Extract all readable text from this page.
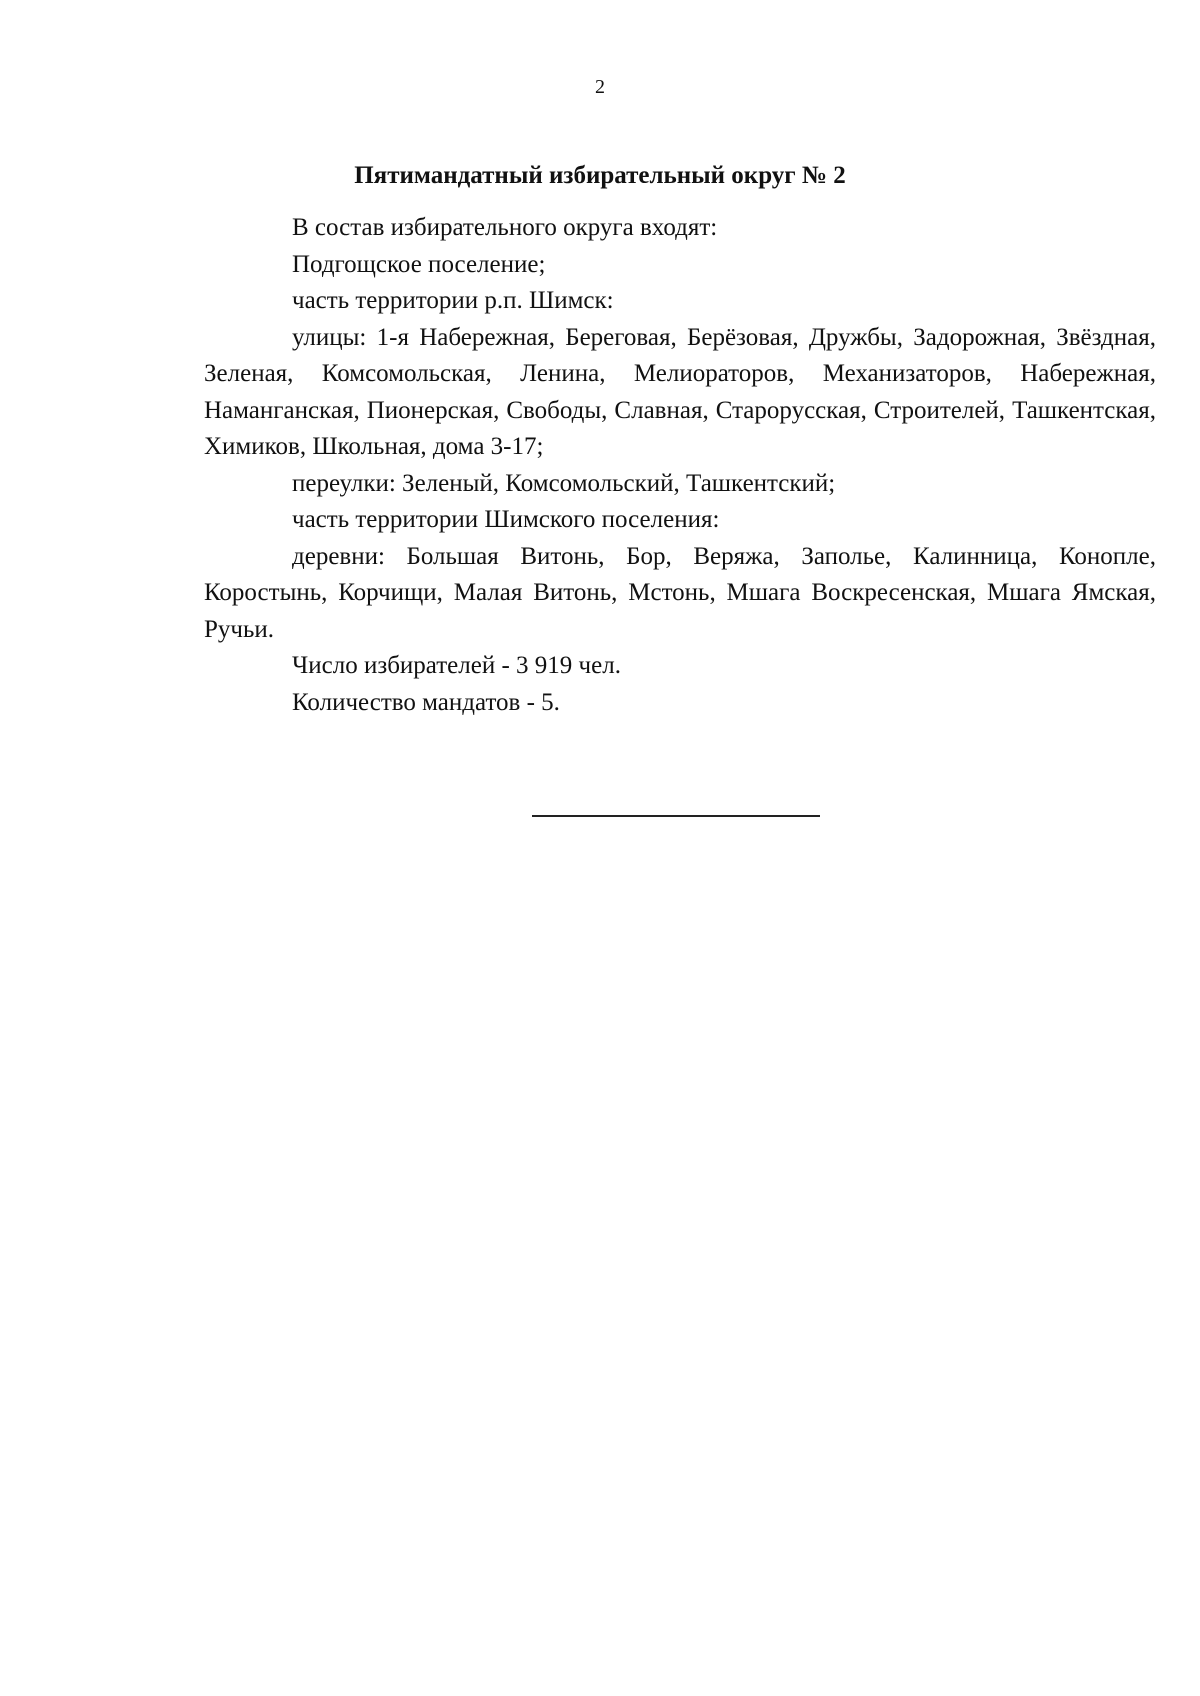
2
Пятимандатный избирательный округ № 2

В состав избирательного округа входят:

Подгощское поселение;

часть территории р.п. Шимск:

улицы: 1-я Набережная, Береговая, Берёзовая, Дружбы, Задорожная, Звёздная, Зеленая, Комсомольская, Ленина, Мелиораторов, Механизаторов, Набережная, Наманганская, Пионерская, Свободы, Славная, Старорусская, Строителей, Ташкентская, Химиков, Школьная, дома 3-17;

переулки: Зеленый, Комсомольский, Ташкентский;

часть территории Шимского поселения:

деревни: Большая Витонь, Бор, Веряжа, Заполье, Калинница, Конопле, Коростынь, Корчищи, Малая Витонь, Мстонь, Мшага Воскресенская, Мшага Ямская, Ручьи.

Число избирателей - 3 919 чел.

Количество мандатов - 5.
